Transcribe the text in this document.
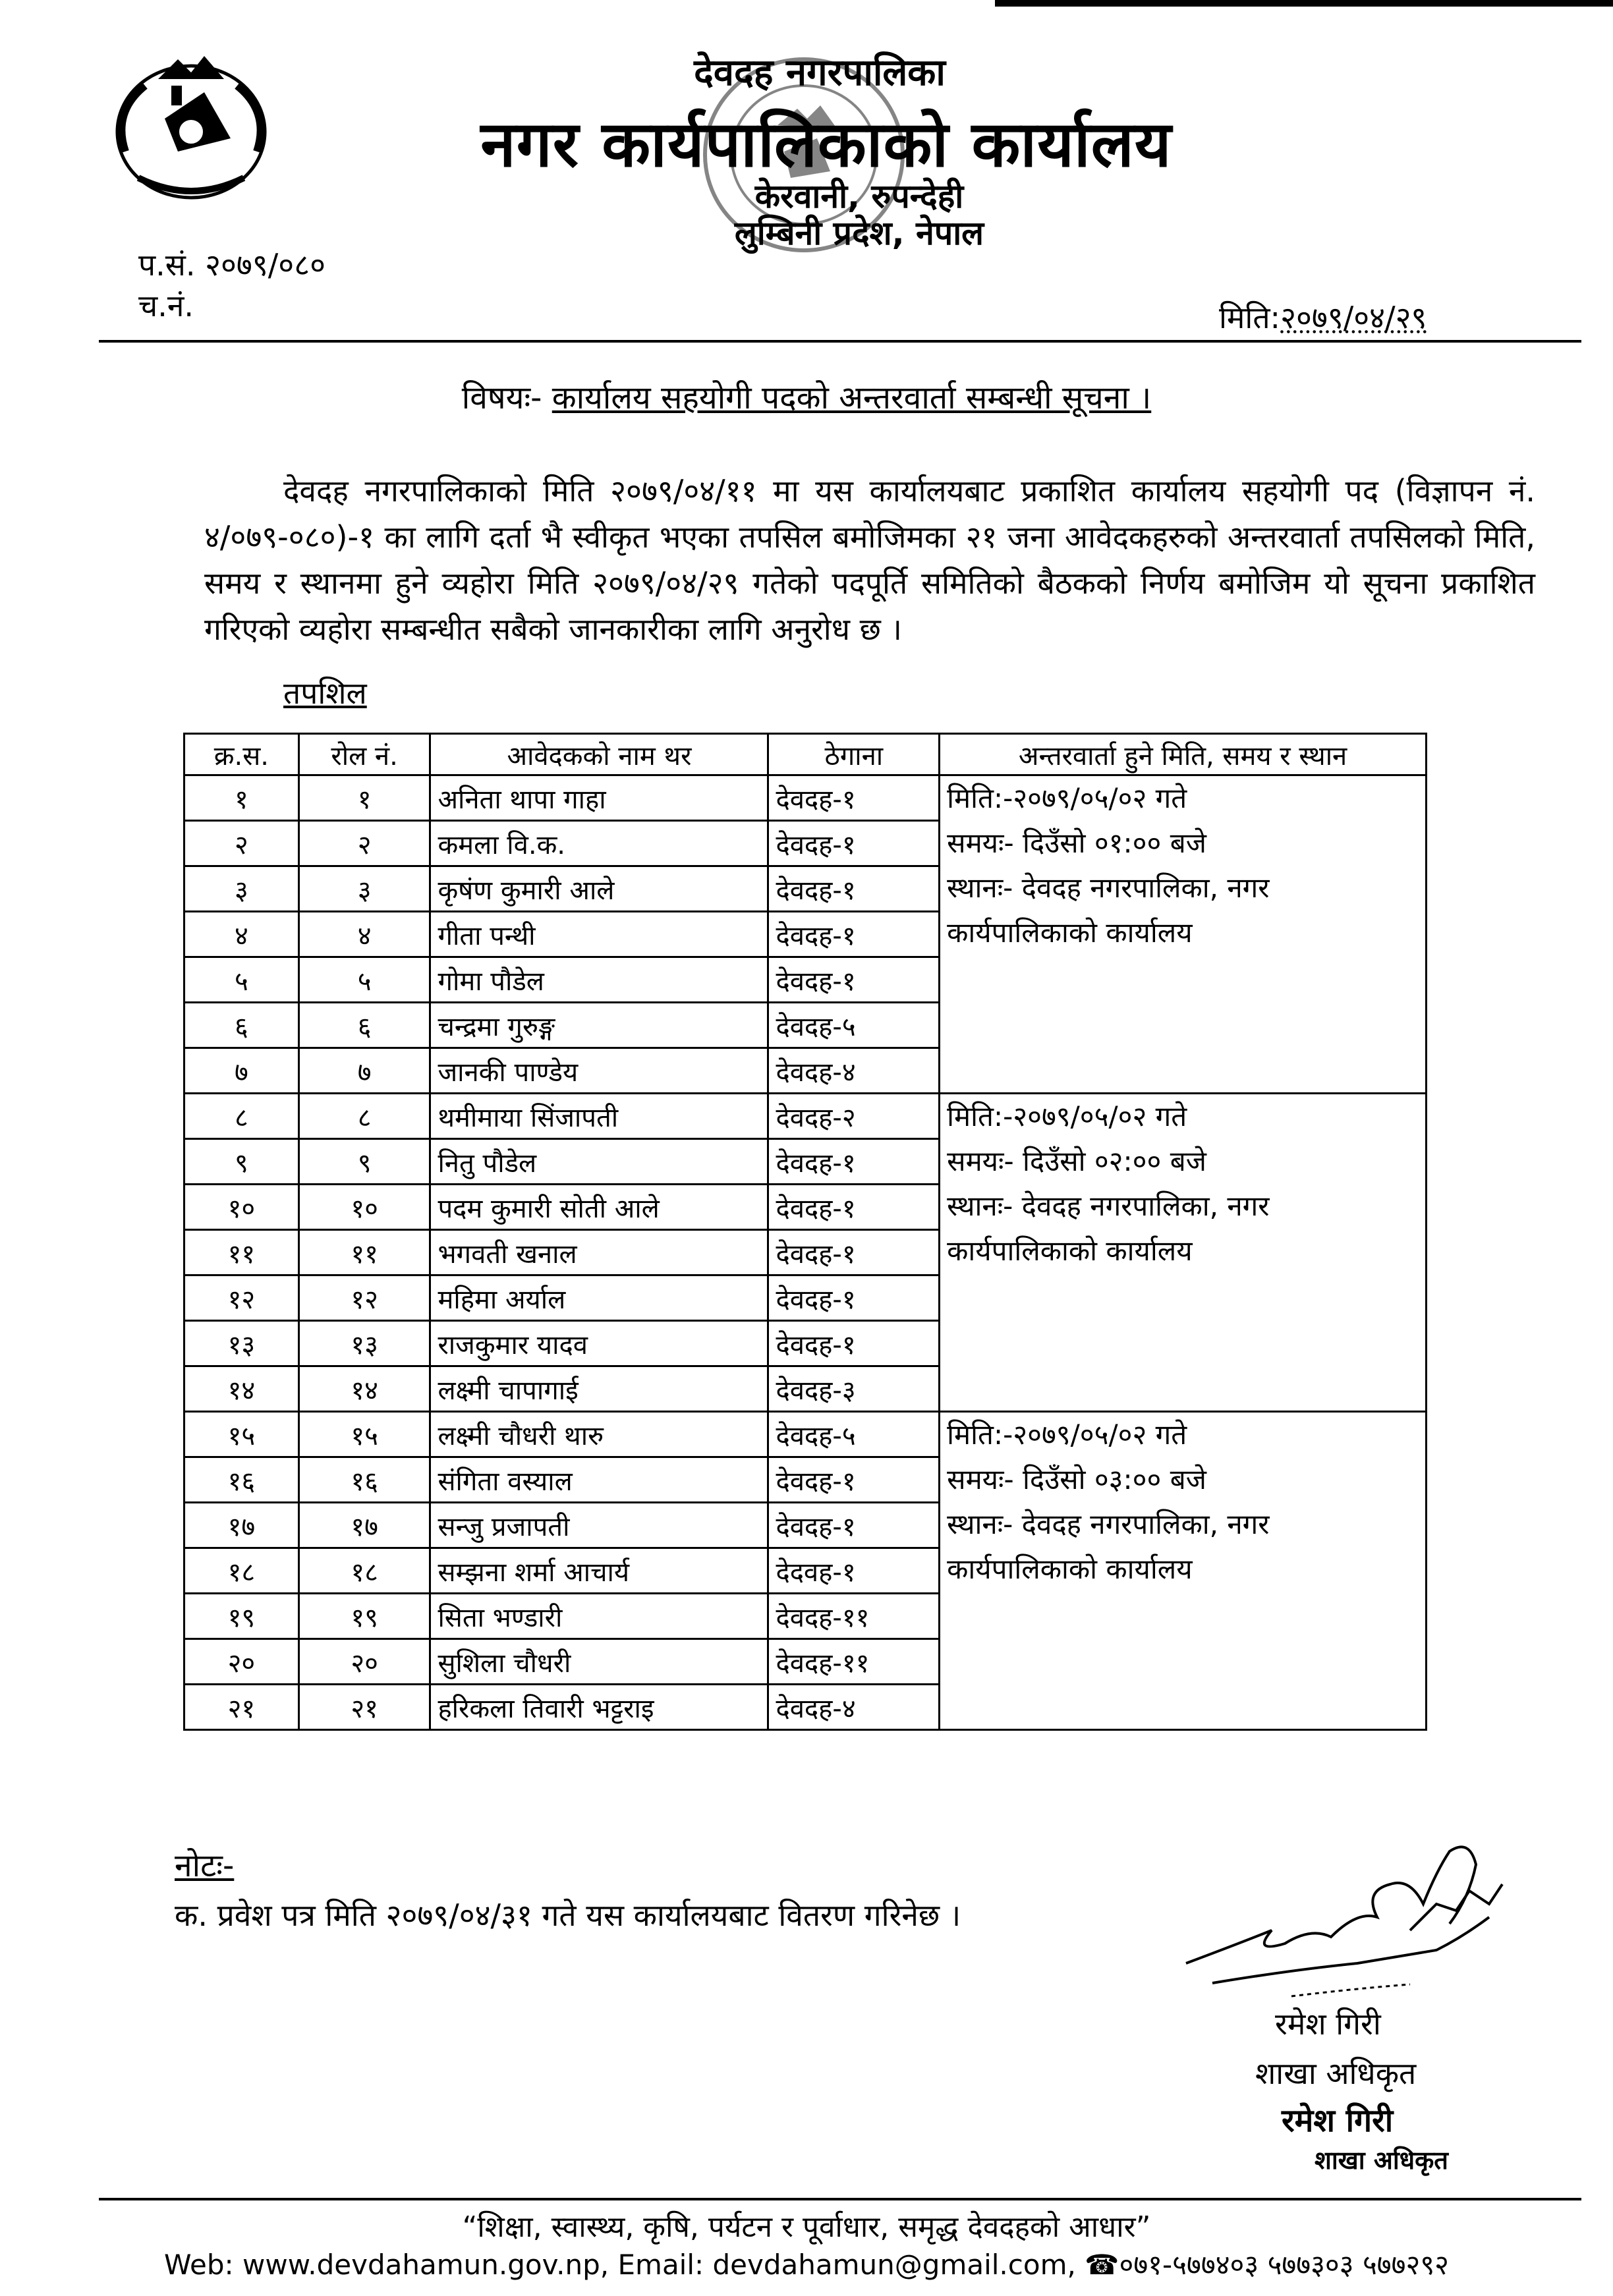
देवदह नगरपालिका
नगर कार्यपालिकाको कार्यालय
केरवानी, रुपन्देही
लुम्बिनी प्रदेश, नेपाल
प.सं. २०७९/०८०
च.नं.	मिति:२०७९/०४/२९
विषयः- कार्यालय सहयोगी पदको अन्तरवार्ता सम्बन्धी सूचना ।
देवदह नगरपालिकाको मिति २०७९/०४/११ मा यस कार्यालयबाट प्रकाशित कार्यालय सहयोगी पद (विज्ञापन नं. ४/०७९-०८०)-१ का लागि दर्ता भै स्वीकृत भएका तपसिल बमोजिमका २१ जना आवेदकहरुको अन्तरवार्ता तपसिलको मिति, समय र स्थानमा हुने व्यहोरा मिति २०७९/०४/२९ गतेको पदपूर्ति समितिको बैठकको निर्णय बमोजिम यो सूचना प्रकाशित गरिएको व्यहोरा सम्बन्धीत सबैको जानकारीका लागि अनुरोध छ ।
तपशिल
क्र.स.	रोल नं.	आवेदकको नाम थर	ठेगाना	अन्तरवार्ता हुने मिति, समय र स्थान
१	१	अनिता थापा गाहा	देवदह-१	मिति:-२०७९/०५/०२ गते
समयः- दिउँसो ०१:०० बजे
स्थानः- देवदह नगरपालिका, नगर
कार्यपालिकाको कार्यालय

२	२	कमला वि.क.	देवदह-१	
३	३	कृषंण कुमारी आले	देवदह-१	
४	४	गीता पन्थी	देवदह-१	
५	५	गोमा पौडेल	देवदह-१	
६	६	चन्द्रमा गुरुङ्ग	देवदह-५	
७	७	जानकी पाण्डेय	देवदह-४	
८	८	थमीमाया सिंजापती	देवदह-२	मिति:-२०७९/०५/०२ गते
समयः- दिउँसो ०२:०० बजे
स्थानः- देवदह नगरपालिका, नगर
कार्यपालिकाको कार्यालय

९	९	नितु पौडेल	देवदह-१	
१०	१०	पदम कुमारी सोती आले	देवदह-१	
११	११	भगवती खनाल	देवदह-१	
१२	१२	महिमा अर्याल	देवदह-१	
१३	१३	राजकुमार यादव	देवदह-१	
१४	१४	लक्ष्मी चापागाई	देवदह-३	
१५	१५	लक्ष्मी चौधरी थारु	देवदह-५	मिति:-२०७९/०५/०२ गते
समयः- दिउँसो ०३:०० बजे
स्थानः- देवदह नगरपालिका, नगर
कार्यपालिकाको कार्यालय

१६	१६	संगिता वस्याल	देवदह-१	
१७	१७	सन्जु प्रजापती	देवदह-१	
१८	१८	सम्झना शर्मा आचार्य	देदवह-१	
१९	१९	सिता भण्डारी	देवदह-११	
२०	२०	सुशिला चौधरी	देवदह-११	
२१	२१	हरिकला तिवारी भट्टराइ	देवदह-४	
नोटः-
क. प्रवेश पत्र मिति २०७९/०४/३१ गते यस कार्यालयबाट वितरण गरिनेछ ।
रमेश गिरी
शाखा अधिकृत
रमेश गिरी
शाखा अधिकृत
“शिक्षा, स्वास्थ्य, कृषि, पर्यटन र पूर्वाधार, समृद्ध देवदहको आधार”
Web: www.devdahamun.gov.np, Email: devdahamun@gmail.com, ☎०७१-५७७४०३ ५७७३०३ ५७७२९२
